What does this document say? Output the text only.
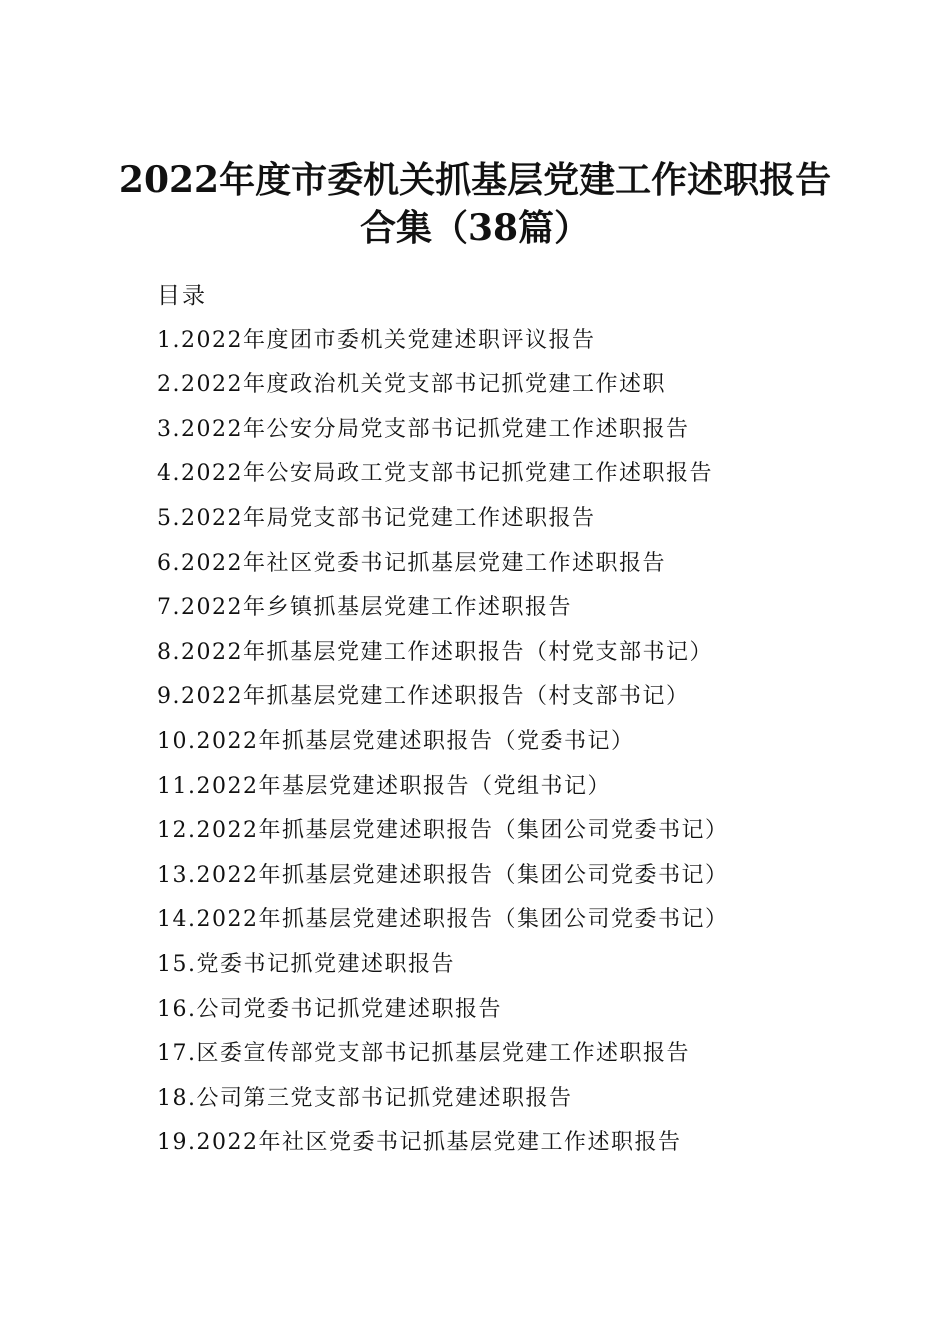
2022年度市委机关抓基层党建工作述职报告
合集（38篇）
目录
1.2022年度团市委机关党建述职评议报告
2.2022年度政治机关党支部书记抓党建工作述职
3.2022年公安分局党支部书记抓党建工作述职报告
4.2022年公安局政工党支部书记抓党建工作述职报告
5.2022年局党支部书记党建工作述职报告
6.2022年社区党委书记抓基层党建工作述职报告
7.2022年乡镇抓基层党建工作述职报告
8.2022年抓基层党建工作述职报告（村党支部书记）
9.2022年抓基层党建工作述职报告（村支部书记）
10.2022年抓基层党建述职报告（党委书记）
11.2022年基层党建述职报告（党组书记）
12.2022年抓基层党建述职报告（集团公司党委书记）
13.2022年抓基层党建述职报告（集团公司党委书记）
14.2022年抓基层党建述职报告（集团公司党委书记）
15.党委书记抓党建述职报告
16.公司党委书记抓党建述职报告
17.区委宣传部党支部书记抓基层党建工作述职报告
18.公司第三党支部书记抓党建述职报告
19.2022年社区党委书记抓基层党建工作述职报告
